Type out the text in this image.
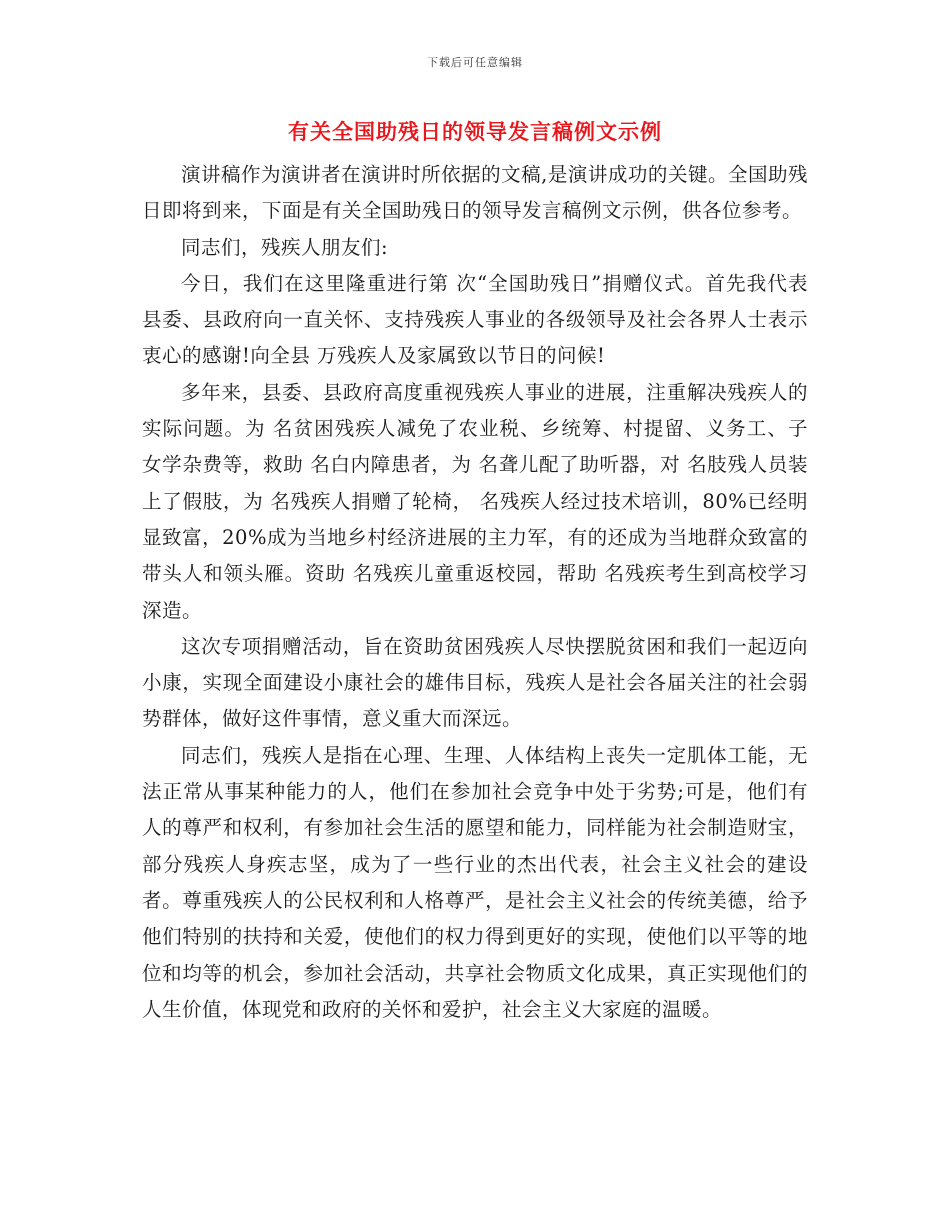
下载后可任意编辑
有关全国助残日的领导发言稿例文示例

演讲稿作为演讲者在演讲时所依据的文稿,是演讲成功的关键。全国助残日即将到来，下面是有关全国助残日的领导发言稿例文示例，供各位参考。

同志们，残疾人朋友们:

今日，我们在这里隆重进行第 次“全国助残日”捐赠仪式。首先我代表县委、县政府向一直关怀、支持残疾人事业的各级领导及社会各界人士表示衷心的感谢!向全县 万残疾人及家属致以节日的问候!

多年来，县委、县政府高度重视残疾人事业的进展，注重解决残疾人的实际问题。为 名贫困残疾人减免了农业税、乡统筹、村提留、义务工、子女学杂费等，救助 名白内障患者，为 名聋儿配了助听器，对 名肢残人员装上了假肢，为 名残疾人捐赠了轮椅， 名残疾人经过技术培训，80%已经明显致富，20%成为当地乡村经济进展的主力军，有的还成为当地群众致富的带头人和领头雁。资助 名残疾儿童重返校园，帮助 名残疾考生到高校学习深造。

这次专项捐赠活动，旨在资助贫困残疾人尽快摆脱贫困和我们一起迈向小康，实现全面建设小康社会的雄伟目标，残疾人是社会各届关注的社会弱势群体，做好这件事情，意义重大而深远。

同志们，残疾人是指在心理、生理、人体结构上丧失一定肌体工能，无法正常从事某种能力的人，他们在参加社会竞争中处于劣势;可是，他们有人的尊严和权利，有参加社会生活的愿望和能力，同样能为社会制造财宝，部分残疾人身疾志坚，成为了一些行业的杰出代表，社会主义社会的建设者。尊重残疾人的公民权利和人格尊严，是社会主义社会的传统美德，给予他们特别的扶持和关爱，使他们的权力得到更好的实现，使他们以平等的地位和均等的机会，参加社会活动，共享社会物质文化成果，真正实现他们的人生价值，体现党和政府的关怀和爱护，社会主义大家庭的温暖。
